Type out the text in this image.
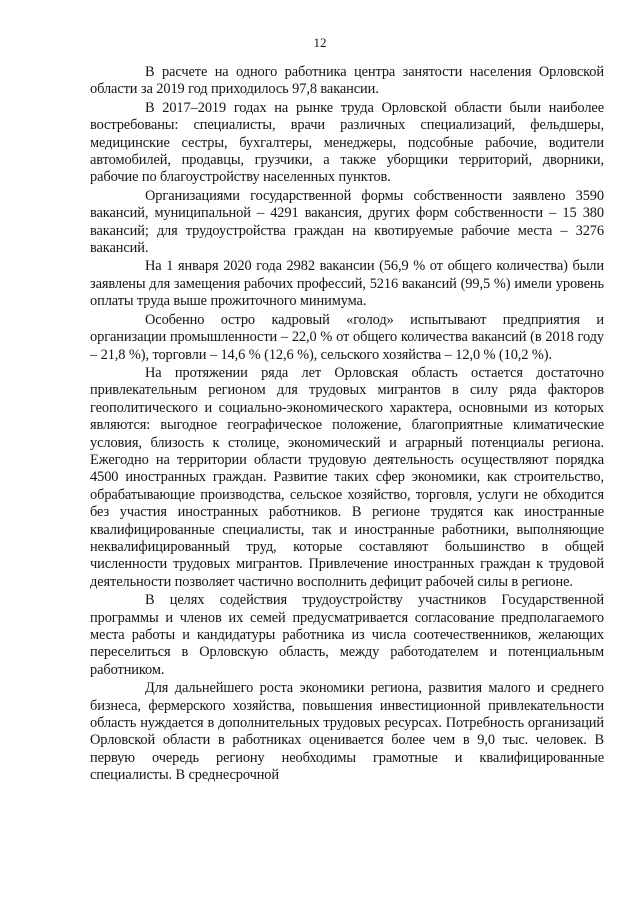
12

В расчете на одного работника центра занятости населения Орловской области за 2019 год приходилось 97,8 вакансии.

В 2017–2019 годах на рынке труда Орловской области были наиболее востребованы: специалисты, врачи различных специализаций, фельдшеры, медицинские сестры, бухгалтеры, менеджеры, подсобные рабочие, водители автомобилей, продавцы, грузчики, а также уборщики территорий, дворники, рабочие по благоустройству населенных пунктов.

Организациями государственной формы собственности заявлено 3590 вакансий, муниципальной – 4291 вакансия, других форм собственности – 15 380 вакансий; для трудоустройства граждан на квотируемые рабочие места – 3276 вакансий.

На 1 января 2020 года 2982 вакансии (56,9 % от общего количества) были заявлены для замещения рабочих профессий, 5216 вакансий (99,5 %) имели уровень оплаты труда выше прожиточного минимума.

Особенно остро кадровый «голод» испытывают предприятия и организации промышленности – 22,0 % от общего количества вакансий (в 2018 году – 21,8 %), торговли – 14,6 % (12,6 %), сельского хозяйства – 12,0 % (10,2 %).

На протяжении ряда лет Орловская область остается достаточно привлекательным регионом для трудовых мигрантов в силу ряда факторов геополитического и социально-экономического характера, основными из которых являются: выгодное географическое положение, благоприятные климатические условия, близость к столице, экономический и аграрный потенциалы региона. Ежегодно на территории области трудовую деятельность осуществляют порядка 4500 иностранных граждан. Развитие таких сфер экономики, как строительство, обрабатывающие производства, сельское хозяйство, торговля, услуги не обходится без участия иностранных работников. В регионе трудятся как иностранные квалифицированные специалисты, так и иностранные работники, выполняющие неквалифицированный труд, которые составляют большинство в общей численности трудовых мигрантов. Привлечение иностранных граждан к трудовой деятельности позволяет частично восполнить дефицит рабочей силы в регионе.

В целях содействия трудоустройству участников Государственной программы и членов их семей предусматривается согласование предполагаемого места работы и кандидатуры работника из числа соотечественников, желающих переселиться в Орловскую область, между работодателем и потенциальным работником.

Для дальнейшего роста экономики региона, развития малого и среднего бизнеса, фермерского хозяйства, повышения инвестиционной привлекательности область нуждается в дополнительных трудовых ресурсах. Потребность организаций Орловской области в работниках оценивается более чем в 9,0 тыс. человек. В первую очередь региону необходимы грамотные и квалифицированные специалисты. В среднесрочной
